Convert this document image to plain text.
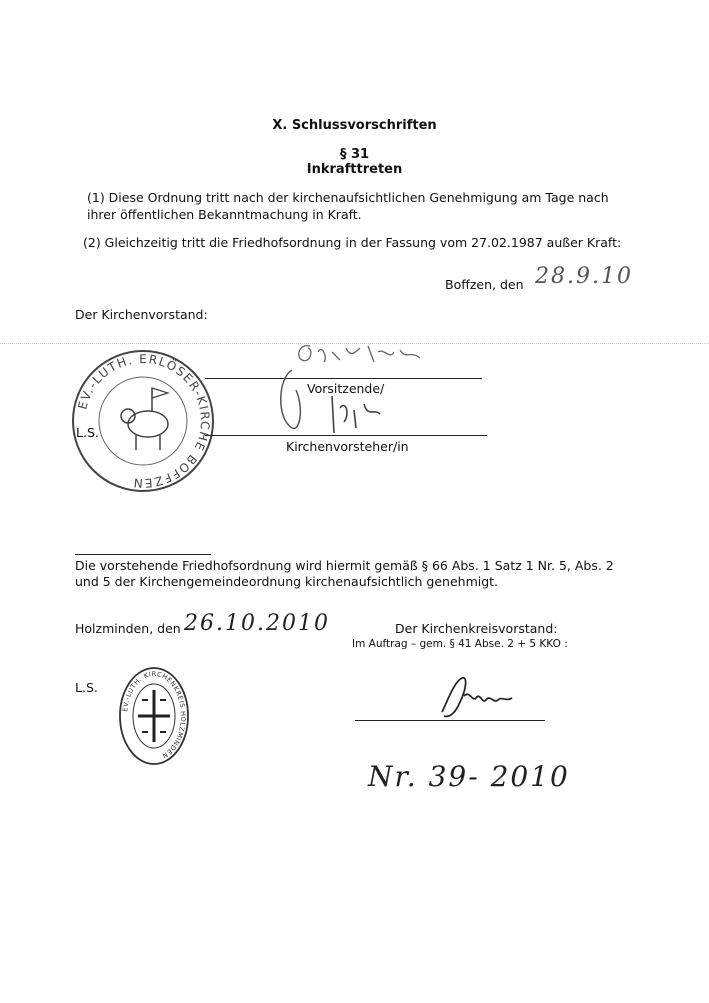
X. Schlussvorschriften
§ 31
Inkrafttreten
(1) Diese Ordnung tritt nach der kirchenaufsichtlichen Genehmigung am Tage nach
ihrer öffentlichen Bekanntmachung in Kraft.
(2) Gleichzeitig tritt die Friedhofsordnung in der Fassung vom 27.02.1987 außer Kraft:
Boffzen, den 28.9.10
Der Kirchenvorstand:
EV.-LUTH. ERLÖSER-KIRCHE BOFFZEN
L.S.
Vorsitzende/
Kirchenvorsteher/in
Die vorstehende Friedhofsordnung wird hiermit gemäß § 66 Abs. 1 Satz 1 Nr. 5, Abs. 2
und 5 der Kirchengemeindeordnung kirchenaufsichtlich genehmigt.
Holzminden, den 26.10.2010	Der Kirchenkreisvorstand:
Im Auftrag – gem. § 41 Abse. 2 + 5 KKO :
L.S.
EV.-LUTH. KIRCHENKREIS HOLZMINDEN
Nr. 39- 2010
